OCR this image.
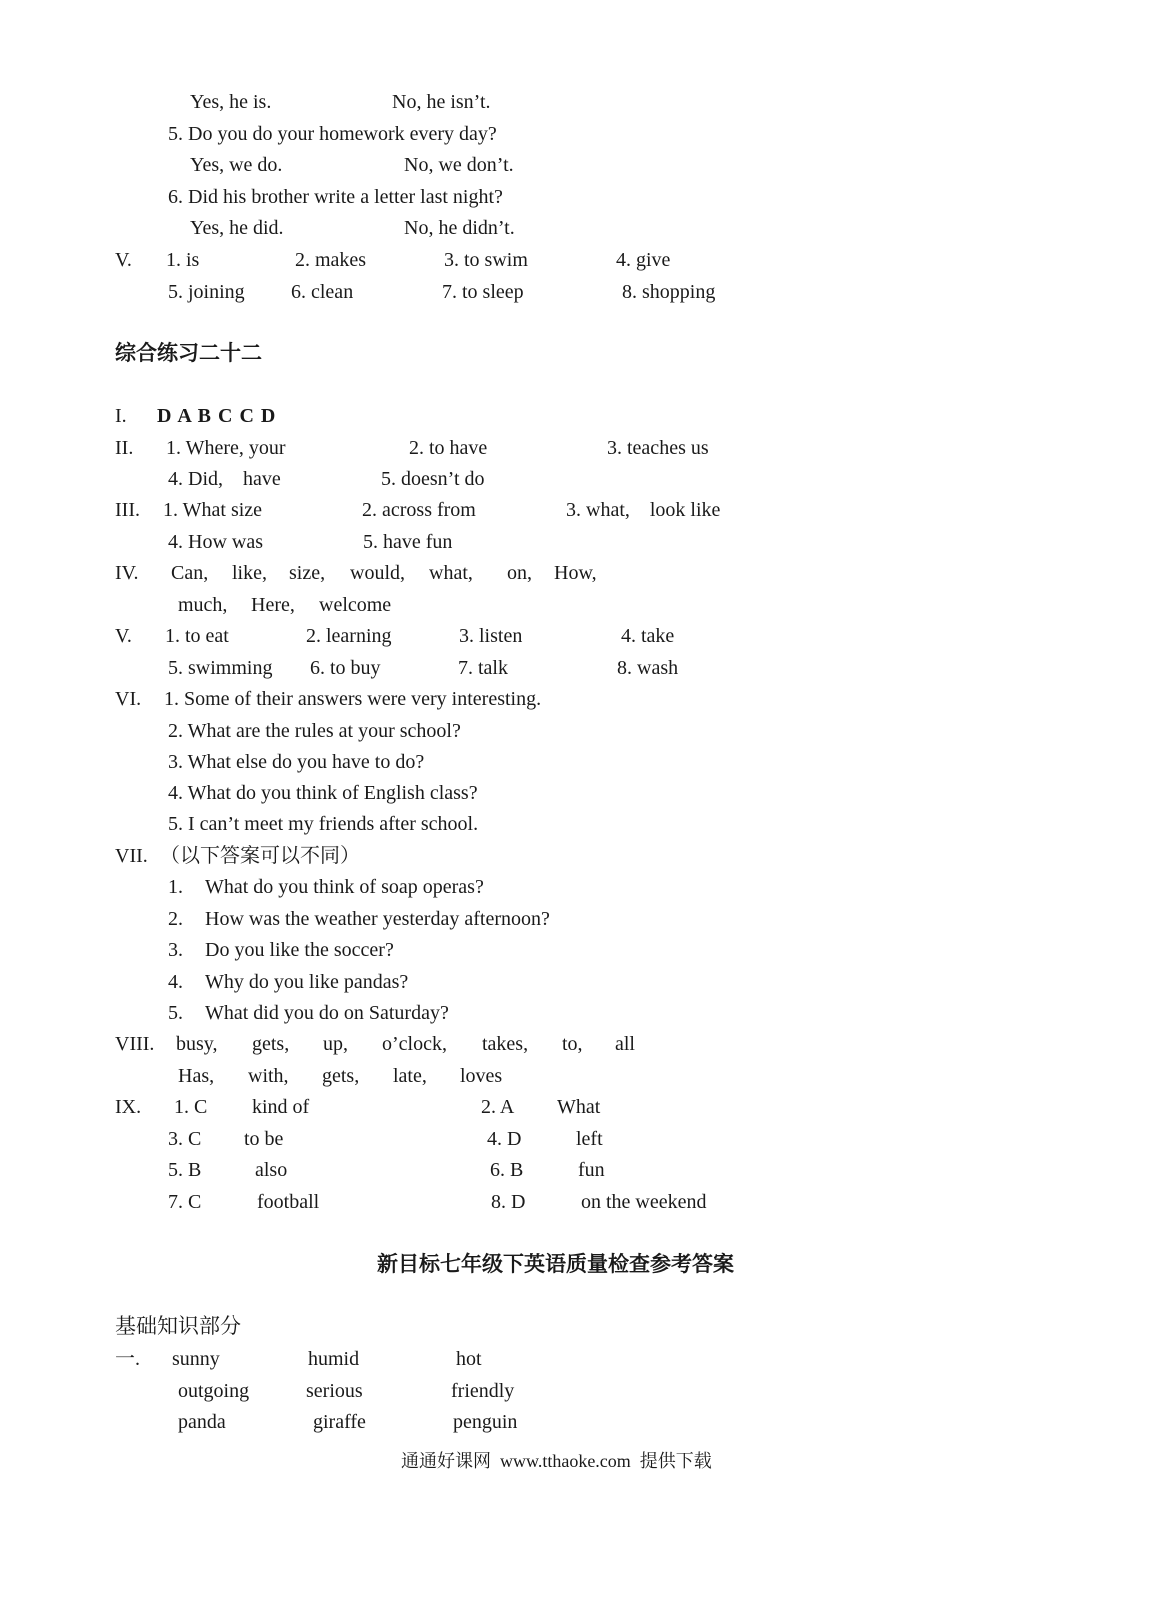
Yes, he is.	No, he isn’t.
5. Do you do your homework every day?
Yes, we do.	No, we don’t.
6. Did his brother write a letter last night?
Yes, he did.	No, he didn’t.
V. 1. is	2. makes	3. to swim	4. give
5. joining 6. clean	7. to sleep	8. shopping
综合练习二十二
I. D A B C C D
II. 1. Where, your	2. to have	3. teaches us
4. Did,    have	5. doesn’t do
III. 1. What size	2. across from	3. what,    look like
4. How was	5. have fun
IV. Can, like, size, would, what, on, How,
much, Here, welcome
V. 1. to eat	2. learning	3. listen	4. take
5. swimming 6. to buy	7. talk	8. wash
VI. 1. Some of their answers were very interesting.
2. What are the rules at your school?
3. What else do you have to do?
4. What do you think of English class?
5. I can’t meet my friends after school.
VII. （以下答案可以不同）
1. What do you think of soap operas?
2. How was the weather yesterday afternoon?
3. Do you like the soccer?
4. Why do you like pandas?
5. What did you do on Saturday?
VIII. busy, gets, up, o’clock, takes, to, all
Has, with, gets, late, loves
IX. 1. C kind of	2. A What
3. C to be	4. D	left
5. B	also	6. B	fun
7. C	football	8. D	on the weekend
新目标七年级下英语质量检查参考答案
基础知识部分
一. sunny	humid	hot
outgoing	serious	friendly
panda	giraffe	penguin
通通好课网  www.tthaoke.com  提供下载
